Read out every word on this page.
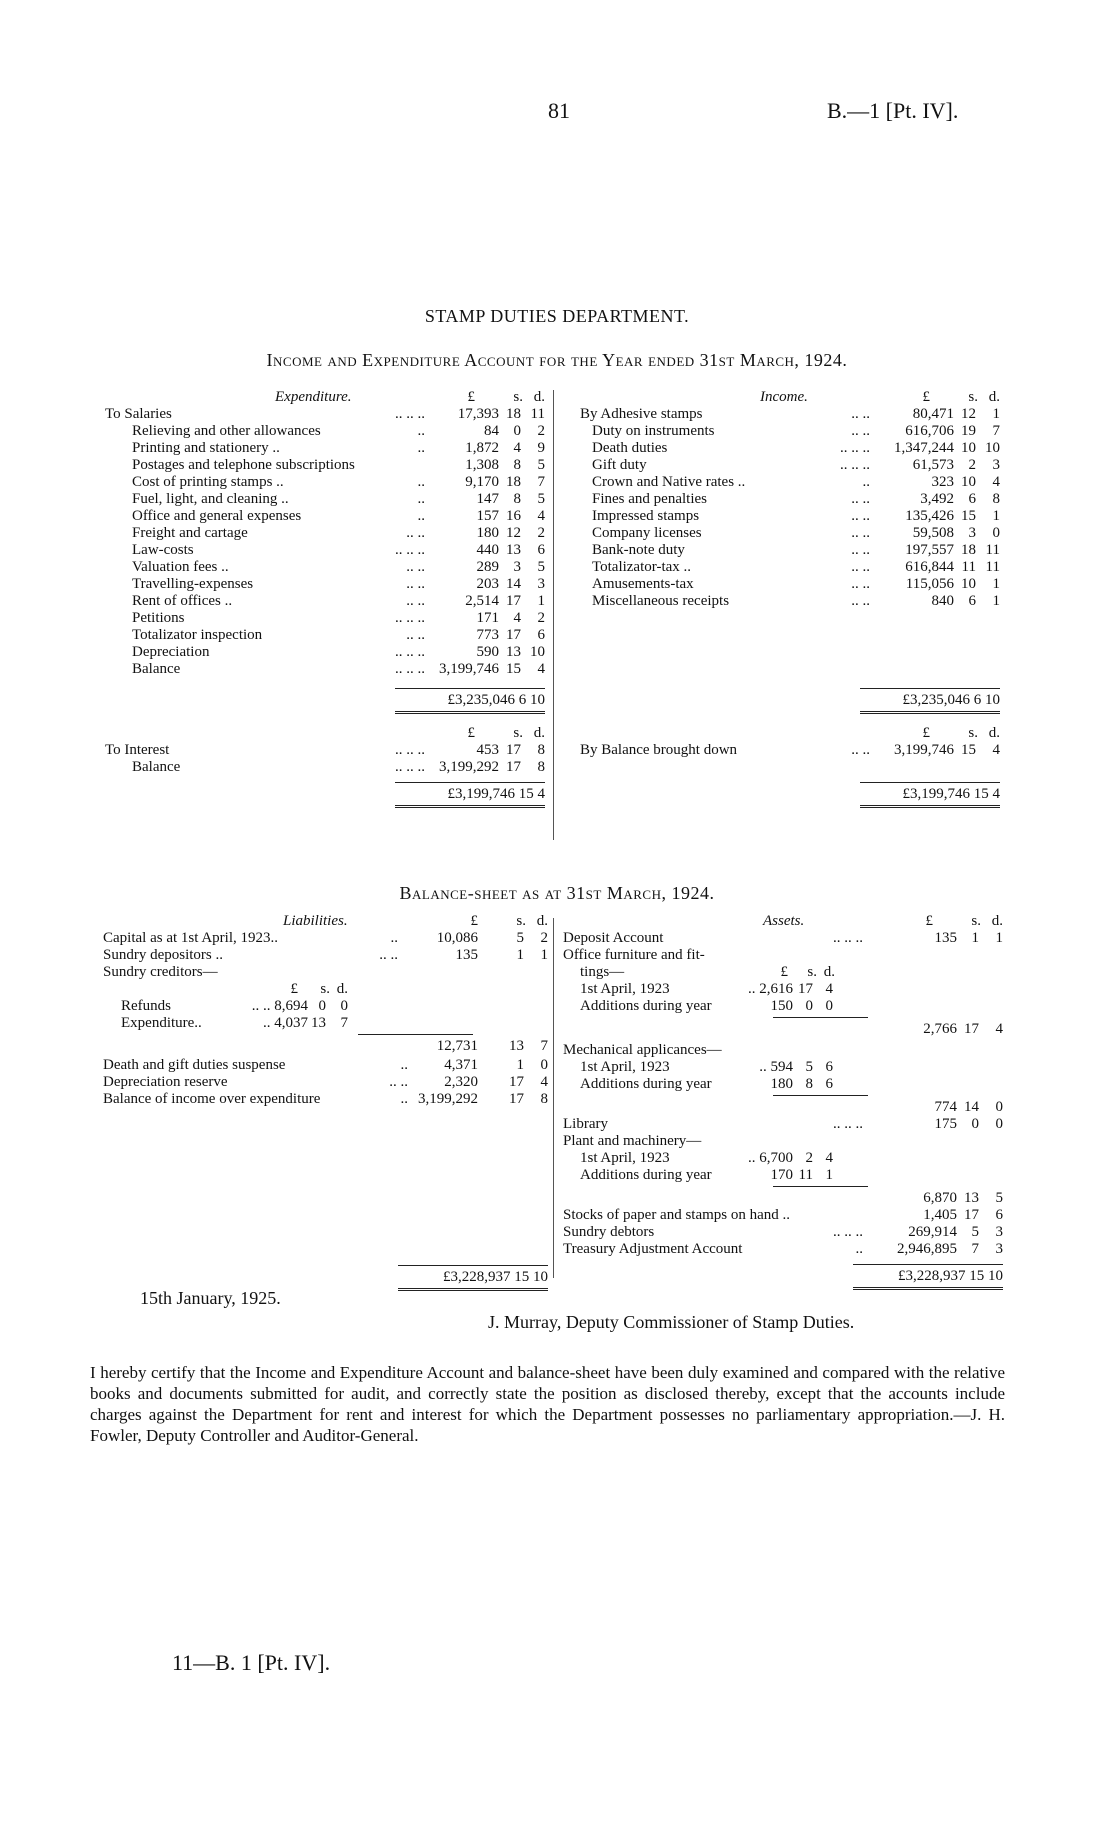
81	B.—1 [Pt. IV].
STAMP DUTIES DEPARTMENT.
Income and Expenditure Account for the Year ended 31st March, 1924.
Expenditure.	£	s. d.
To Salaries	.. .. .. 17,393 18 11
Relieving and other allowances	..	84 0 2
Printing and stationery ..	..	1,872 4 9
Postages and telephone subscriptions	1,308 8 5
Cost of printing stamps ..	..	9,170 18 7
Fuel, light, and cleaning ..	..	147 8 5
Office and general expenses	..	157 16 4
Freight and cartage	.. ..	180 12 2
Law-costs	.. .. ..	440 13 6
Valuation fees ..	.. ..	289 3 5
Travelling-expenses	.. ..	203 14 3
Rent of offices ..	.. ..	2,514 17 1
Petitions	.. .. ..	171 4 2
Totalizator inspection	.. ..	773 17 6
Depreciation	.. .. ..	590 13 10
Balance	.. .. .. 3,199,746 15 4
£3,235,046 6 10
£	s. d.
To Interest	.. .. ..	453 17 8
Balance	.. .. .. 3,199,292 17 8
£3,199,746 15 4
Income.	£	s. d.
By Adhesive stamps	.. ..	80,471 12 1
Duty on instruments	.. .. 616,706 19 7
Death duties	.. .. .. 1,347,244 10 10
Gift duty	.. .. ..	61,573 2 3
Crown and Native rates ..	..	323 10 4
Fines and penalties	.. ..	3,492 6 8
Impressed stamps	.. .. 135,426 15 1
Company licenses	.. ..	59,508 3 0
Bank-note duty	.. .. 197,557 18 11
Totalizator-tax ..	.. .. 616,844 11 11
Amusements-tax	.. .. 115,056 10 1
Miscellaneous receipts	.. ..	840 6 1
£3,235,046 6 10
£	s. d.
By Balance brought down	.. .. 3,199,746 15 4
£3,199,746 15 4
Balance-sheet as at 31st March, 1924.
Liabilities.	£	s. d.
Capital as at 1st April, 1923..	..	10,086	5 2
Sundry depositors ..	.. ..	135	1 1
Sundry creditors—
£ s. d.
Refunds	.. .. 8,694 0 0
Expenditure..	.. 4,037 13 7
12,731 13 7
Death and gift duties suspense	.. 4,371	1 0
Depreciation reserve	.. .. 2,320 17 4
Balance of income over expenditure	.. 3,199,292 17 8
£3,228,937 15 10
Assets.	£	s. d.
Deposit Account	.. .. ..	135 1 1
Office furniture and fit-
tings—	£ s. d.
1st April, 1923	.. 2,616 17 4
Additions during year	150 0 0
2,766 17 4
Mechanical applicances—
1st April, 1923	.. 594 5 6
Additions during year	180 8 6
774 14 0
Library	.. .. ..	175 0 0
Plant and machinery—
1st April, 1923	.. 6,700 2 4
Additions during year	170 11 1
6,870 13 5
Stocks of paper and stamps on hand ..	1,405 17 6
Sundry debtors	.. .. ..	269,914 5 3
Treasury Adjustment Account	.. 2,946,895 7 3
£3,228,937 15 10
15th January, 1925.
J. Murray, Deputy Commissioner of Stamp Duties.
I hereby certify that the Income and Expenditure Account and balance-sheet have been duly examined and compared with the relative books and documents submitted for audit, and correctly state the position as disclosed thereby, except that the accounts include charges against the Department for rent and interest for which the Department possesses no parliamentary appropriation.—J. H. Fowler, Deputy Controller and Auditor-General.
11—B. 1 [Pt. IV].
